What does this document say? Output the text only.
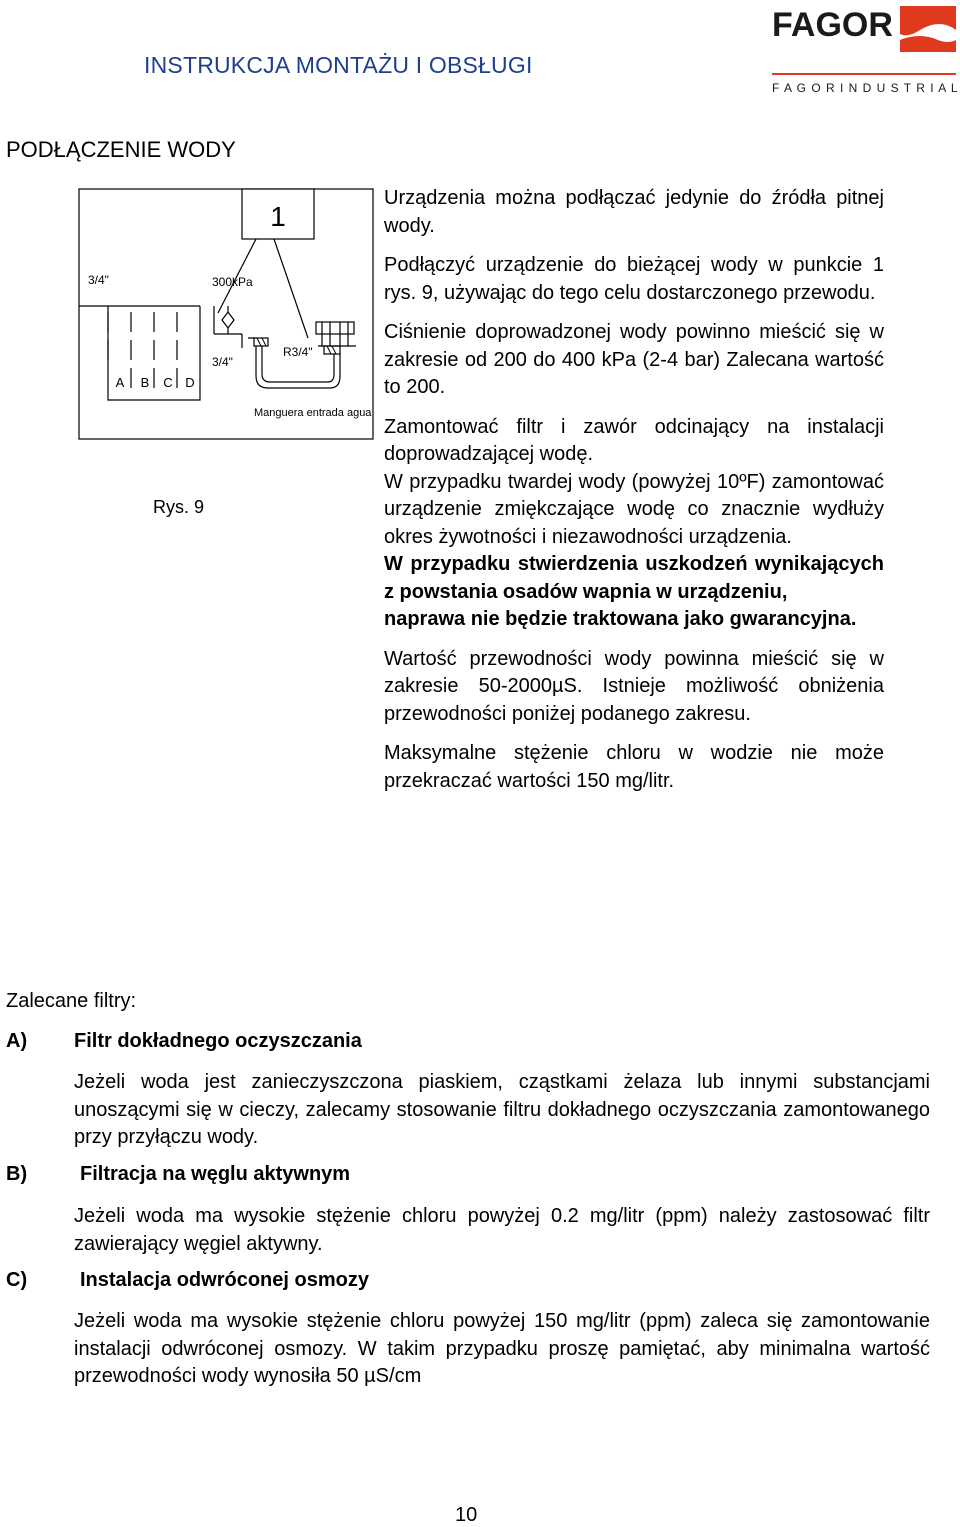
INSTRUKCJA MONTAŻU I OBSŁUGI
FAGOR
F A G O R I N D U S T R I A L
PODŁĄCZENIE WODY
1
3/4"	300kPa
3/4"
R3/4"
Manguera entrada agua
A B C D
Rys. 9

Urządzenia można podłączać jedynie do źródła pitnej wody.

Podłączyć urządzenie do bieżącej wody w punkcie 1 rys. 9, używając do tego celu dostarczonego przewodu.

Ciśnienie doprowadzonej wody powinno mieścić się w zakresie od 200 do 400 kPa (2-4 bar) Zalecana wartość to 200.

Zamontować filtr i zawór odcinający na instalacji doprowadzającej wodę.

W przypadku twardej wody (powyżej 10ºF) zamontować urządzenie zmiękczające wodę co znacznie wydłuży okres żywotności i niezawodności urządzenia.

W przypadku stwierdzenia uszkodzeń wynikających z powstania osadów wapnia w urządzeniu,

naprawa nie będzie traktowana jako gwarancyjna.

Wartość przewodności wody powinna mieścić się w zakresie 50-2000µS. Istnieje możliwość obniżenia przewodności poniżej podanego zakresu.

Maksymalne stężenie chloru w wodzie nie może przekraczać wartości 150 mg/litr.

Zalecane filtry:
A) Filtr dokładnego oczyszczania
Jeżeli woda jest zanieczyszczona piaskiem, cząstkami żelaza lub innymi substancjami unoszącymi się w cieczy, zalecamy stosowanie filtru dokładnego oczyszczania zamontowanego przy przyłączu wody.
B)	Filtracja na węglu aktywnym
Jeżeli woda ma wysokie stężenie chloru powyżej 0.2 mg/litr (ppm) należy zastosować filtr zawierający węgiel aktywny.
C)	Instalacja odwróconej osmozy
Jeżeli woda ma wysokie stężenie chloru powyżej 150 mg/litr (ppm) zaleca się zamontowanie instalacji odwróconej osmozy. W takim przypadku proszę pamiętać, aby minimalna wartość przewodności wody wynosiła 50 µS/cm
10
